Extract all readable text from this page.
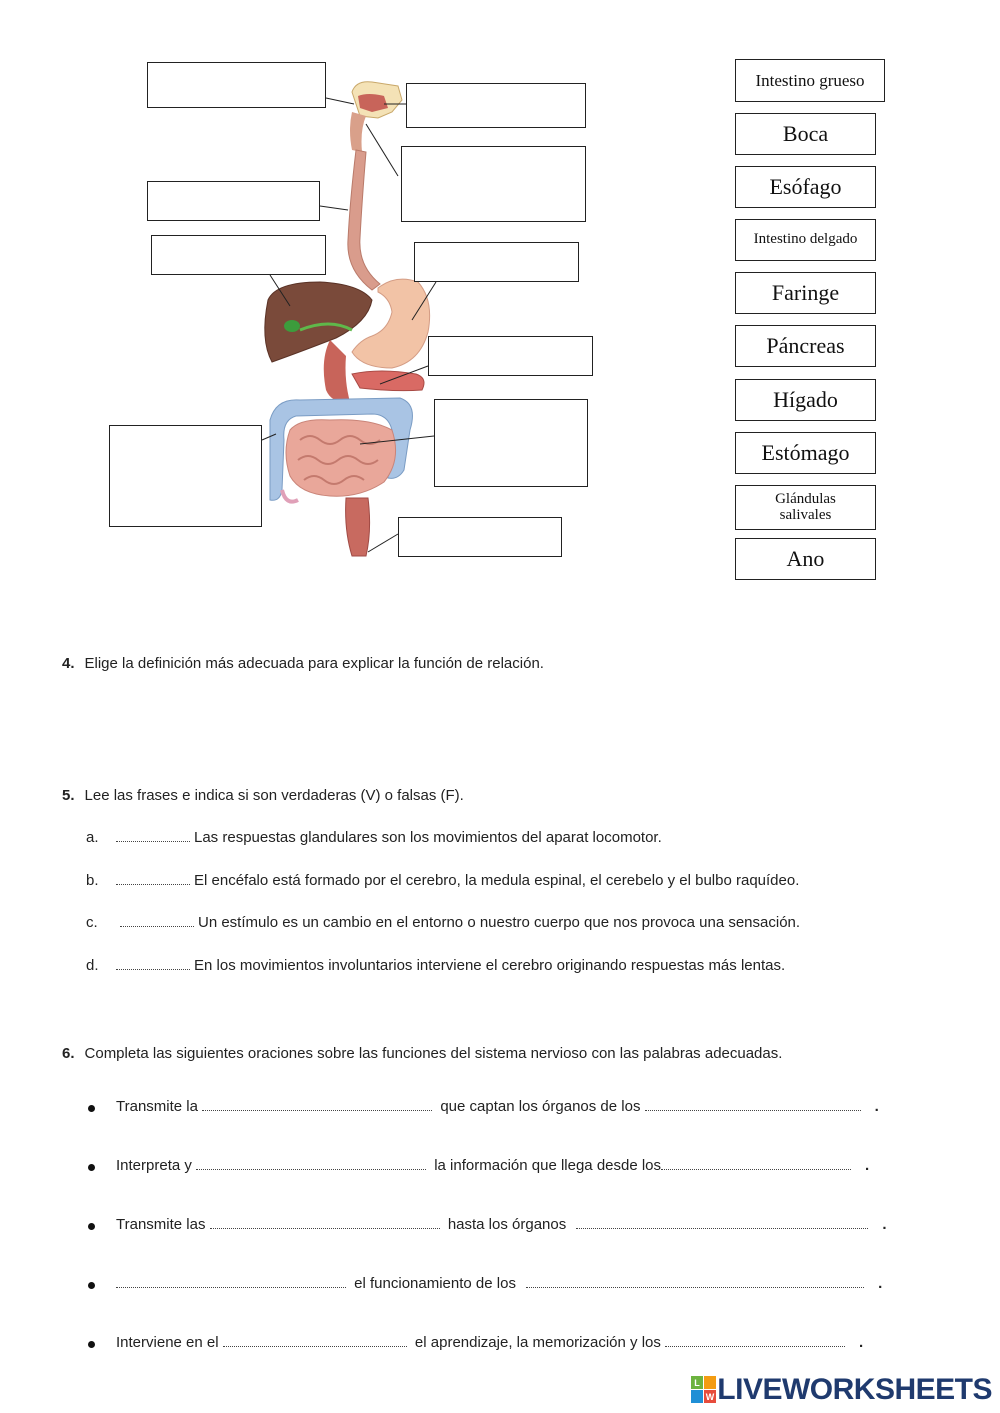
Intestino grueso
Boca
Esófago
Intestino delgado
Faringe
Páncreas
Hígado
Estómago
Glándulas salivales
Ano
4. Elige la definición más adecuada para explicar la función de relación.
5. Lee las frases e indica si son verdaderas (V) o falsas (F).
a.	Las respuestas glandulares son los movimientos del aparat locomotor.
b.	El encéfalo está formado por el cerebro, la medula espinal, el cerebelo y el bulbo raquídeo.
c.	Un estímulo es un cambio en el entorno o nuestro cuerpo que nos provoca una sensación.
d.	En los movimientos involuntarios interviene el cerebro originando respuestas más lentas.
6. Completa las siguientes oraciones sobre las funciones del sistema nervioso con las palabras adecuadas.
Transmite la	que captan los órganos de los	.
Interpreta y	la información que llega desde los	.
Transmite las	hasta los órganos	.
el funcionamiento de los	.
Interviene en el	el aprendizaje, la memorización y los	.
L
W LIVEWORKSHEETS
